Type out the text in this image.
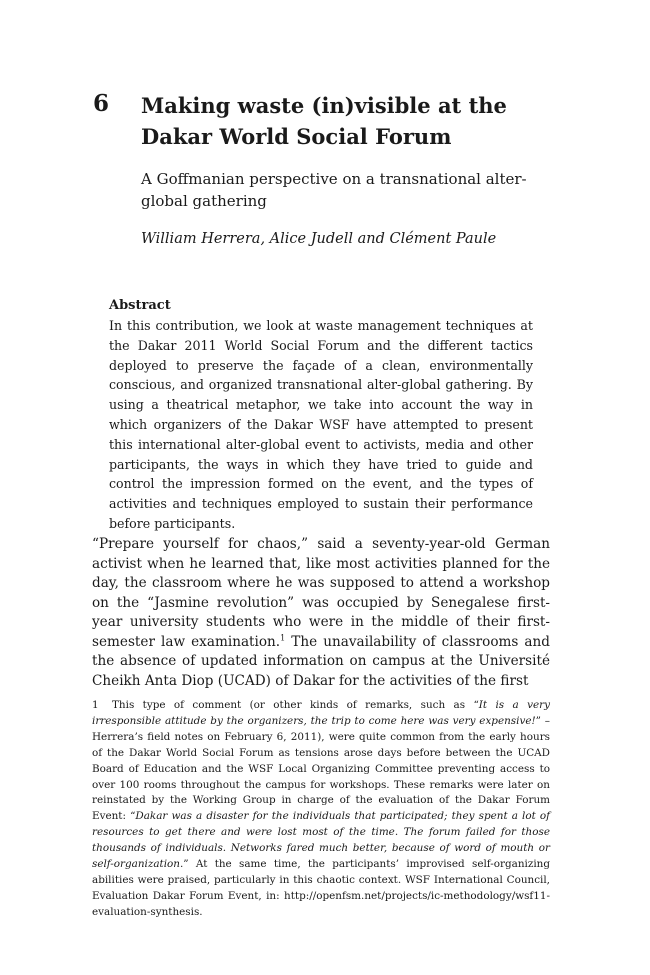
6 Making waste (in)visible at the Dakar World Social Forum
A Goffmanian perspective on a transnational alter-global gathering
William Herrera, Alice Judell and Clément Paule
Abstract

In this contribution, we look at waste management techniques at the Dakar 2011 World Social Forum and the different tactics deployed to preserve the façade of a clean, environmentally conscious, and organized transnational alter-global gathering. By using a theatrical metaphor, we take into account the way in which organizers of the Dakar WSF have attempted to present this international alter-global event to activists, media and other participants, the ways in which they have tried to guide and control the impression formed on the event, and the types of activities and techniques employed to sustain their performance before participants.

“Prepare yourself for chaos,” said a seventy-year-old German activist when he learned that, like most activities planned for the day, the classroom where he was supposed to attend a workshop on the “Jasmine revolution” was occupied by Senegalese first-year university students who were in the middle of their first-semester law examination.$^1$ The unavailability of classrooms and the absence of updated information on campus at the Université Cheikh Anta Diop (UCAD) of Dakar for the activities of the first

1 This type of comment (or other kinds of remarks, such as “It is a very irresponsible attitude by the organizers, the trip to come here was very expensive!” – Herrera’s field notes on February 6, 2011), were quite common from the early hours of the Dakar World Social Forum as tensions arose days before between the UCAD Board of Education and the WSF Local Organizing Committee preventing access to over 100 rooms throughout the campus for workshops. These remarks were later on reinstated by the Working Group in charge of the evaluation of the Dakar Forum Event: “Dakar was a disaster for the individuals that participated; they spent a lot of resources to get there and were lost most of the time. The forum failed for those thousands of individuals. Networks fared much better, because of word of mouth or self-organization.” At the same time, the participants’ improvised self-organizing abilities were praised, particularly in this chaotic context. WSF International Council, Evaluation Dakar Forum Event, in: http://openfsm.net/projects/ic-methodology/wsf11-evaluation-synthesis.
